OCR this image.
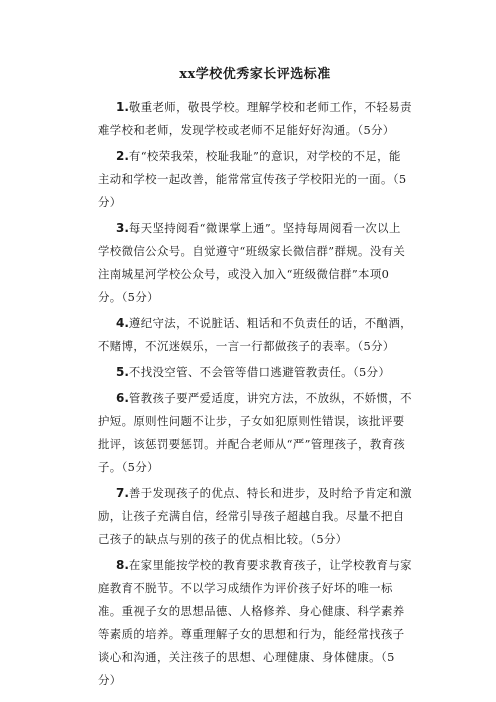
xx学校优秀家长评选标准

1.敬重老师，敬畏学校。理解学校和老师工作，不轻易责难学校和老师，发现学校或老师不足能好好沟通。（5分）

2.有“校荣我荣，校耻我耻”的意识，对学校的不足，能主动和学校一起改善，能常常宣传孩子学校阳光的一面。（5分）

3.每天坚持阅看“微课掌上通”。坚持每周阅看一次以上学校微信公众号。自觉遵守“班级家长微信群”群规。没有关注南城星河学校公众号，或没入加入“班级微信群”本项0分。（5分）

4.遵纪守法，不说脏话、粗话和不负责任的话，不酗酒，不赌博，不沉迷娱乐，一言一行都做孩子的表率。（5分）

5.不找没空管、不会管等借口逃避管教责任。（5分）

6.管教孩子要严爱适度，讲究方法，不放纵，不娇惯，不护短。原则性问题不让步，子女如犯原则性错误，该批评要批评，该惩罚要惩罚。并配合老师从“严”管理孩子，教育孩子。（5分）

7.善于发现孩子的优点、特长和进步，及时给予肯定和激励，让孩子充满自信，经常引导孩子超越自我。尽量不把自己孩子的缺点与别的孩子的优点相比较。（5分）

8.在家里能按学校的教育要求教育孩子，让学校教育与家庭教育不脱节。不以学习成绩作为评价孩子好坏的唯一标准。重视子女的思想品德、人格修养、身心健康、科学素养等素质的培养。尊重理解子女的思想和行为，能经常找孩子谈心和沟通，关注孩子的思想、心理健康、身体健康。（5分）
